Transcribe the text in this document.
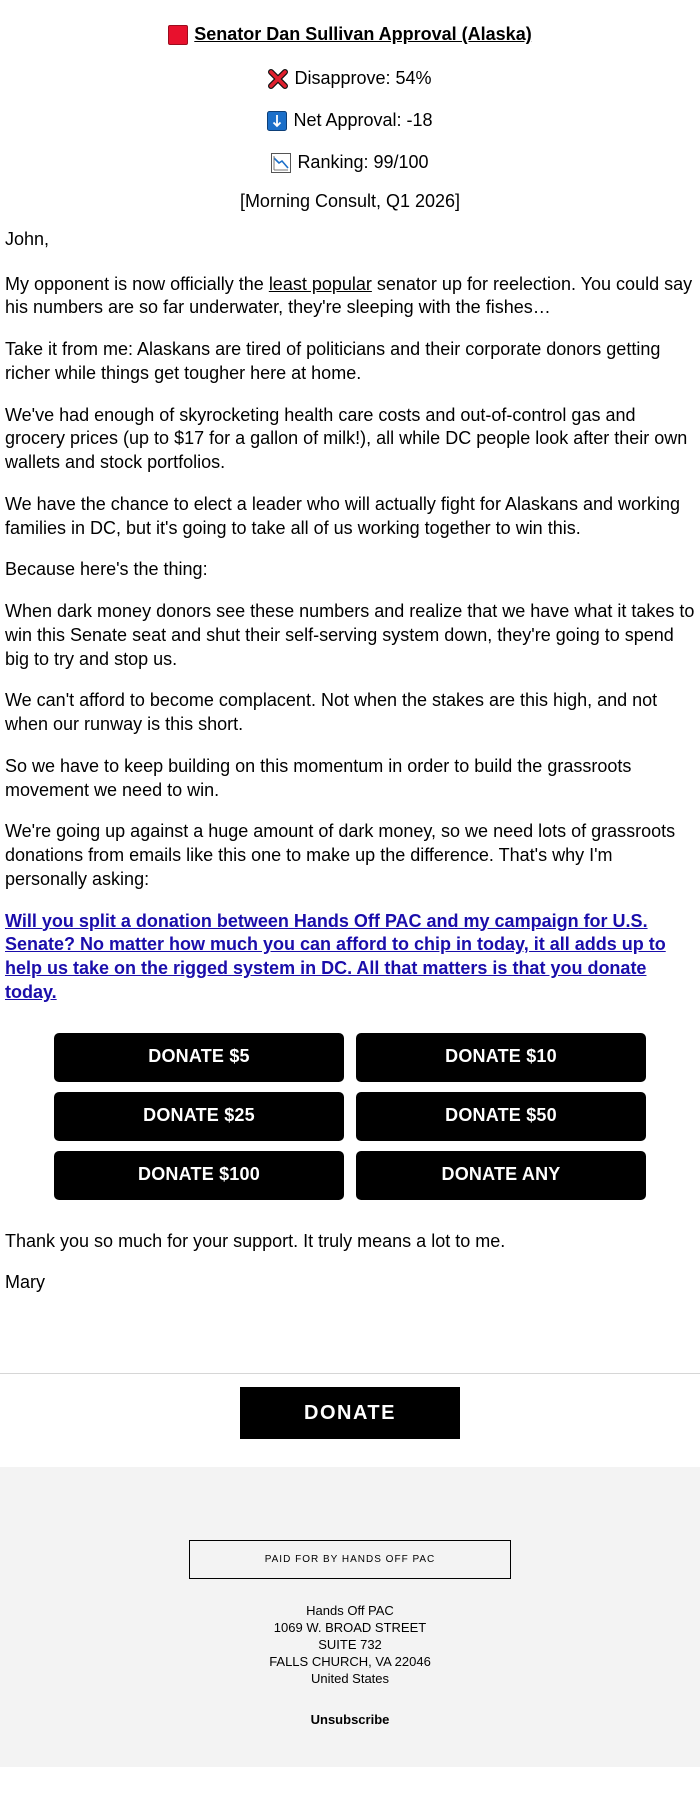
Senator Dan Sullivan Approval (Alaska)
Disapprove: 54%
Net Approval: -18
Ranking: 99/100
[Morning Consult, Q1 2026]

John,

My opponent is now officially the least popular senator up for reelection. You could say his numbers are so far underwater, they're sleeping with the fishes…

Take it from me: Alaskans are tired of politicians and their corporate donors getting richer while things get tougher here at home.

We've had enough of skyrocketing health care costs and out-of-control gas and grocery prices (up to $17 for a gallon of milk!), all while DC people look after their own wallets and stock portfolios.

We have the chance to elect a leader who will actually fight for Alaskans and working families in DC, but it's going to take all of us working together to win this.

Because here's the thing:

When dark money donors see these numbers and realize that we have what it takes to win this Senate seat and shut their self-serving system down, they're going to spend big to try and stop us.

We can't afford to become complacent. Not when the stakes are this high, and not when our runway is this short.

So we have to keep building on this momentum in order to build the grassroots movement we need to win.

We're going up against a huge amount of dark money, so we need lots of grassroots donations from emails like this one to make up the difference. That's why I'm personally asking:

Will you split a donation between Hands Off PAC and my campaign for U.S. Senate? No matter how much you can afford to chip in today, it all adds up to help us take on the rigged system in DC. All that matters is that you donate today.
DONATE $5	DONATE $10
DONATE $25	DONATE $50
DONATE $100	DONATE ANY

Thank you so much for your support. It truly means a lot to me.

Mary

DONATE
PAID FOR BY HANDS OFF PAC
Hands Off PAC
1069 W. BROAD STREET
SUITE 732
FALLS CHURCH, VA 22046
United States
Unsubscribe
